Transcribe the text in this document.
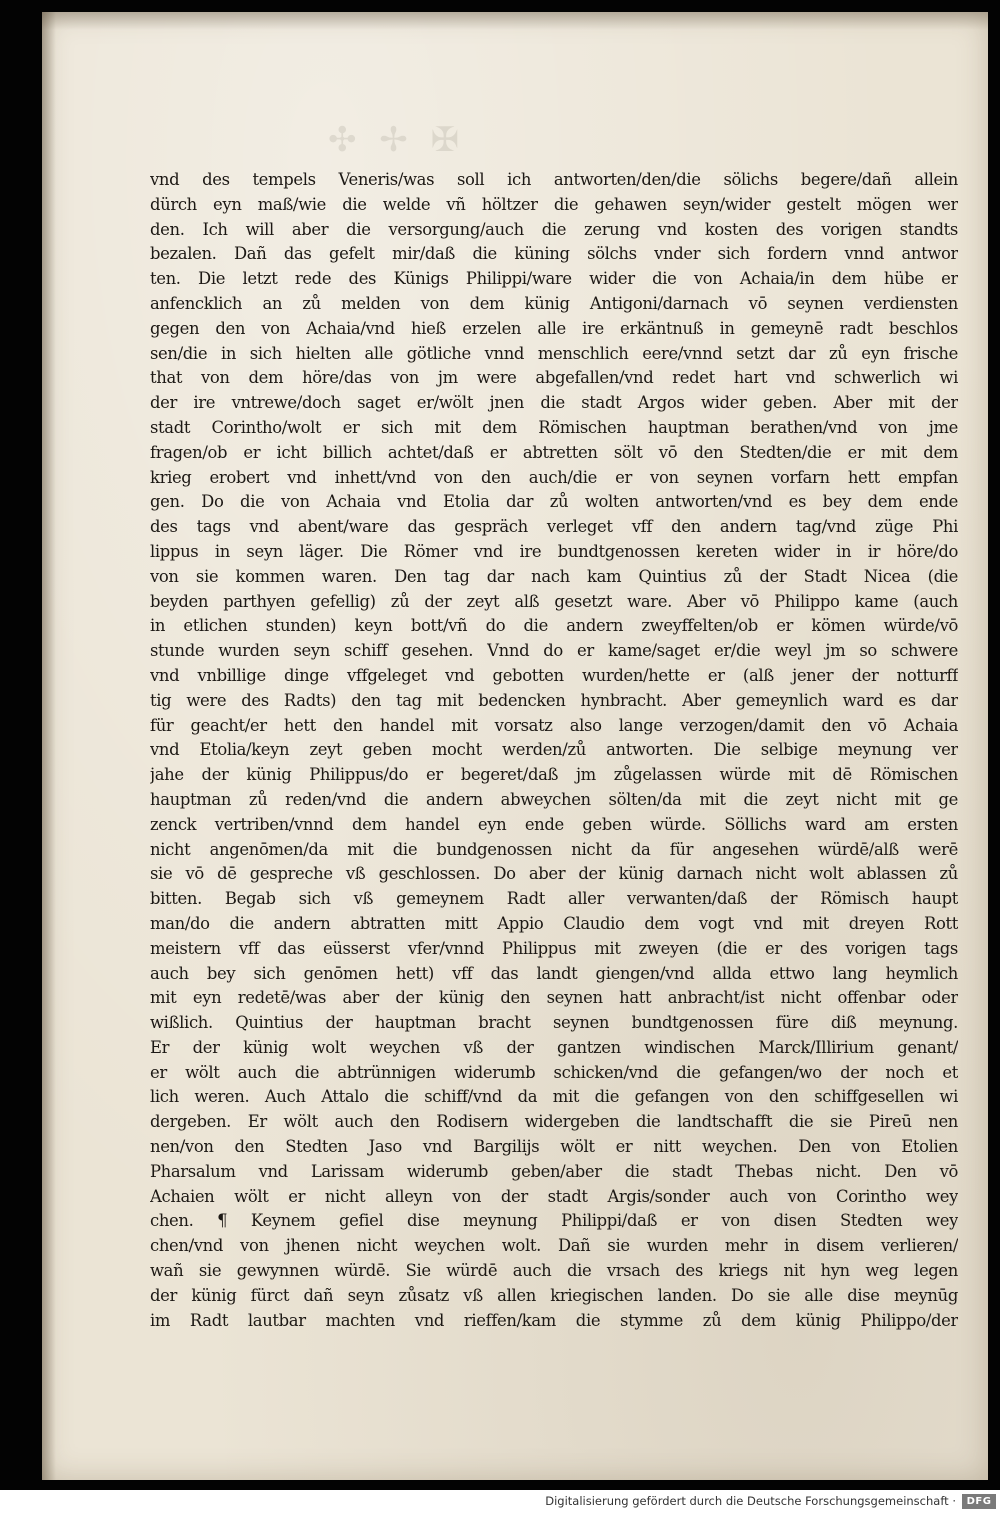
✠ ✢ ✣
vnd des tempels Veneris/was soll ich antworten/den/die sölichs begere/dañ allein
dürch eyn maß/wie die welde vñ höltzer die gehawen seyn/wider gestelt mögen wer
den. Ich will aber die versorgung/auch die zerung vnd kosten des vorigen standts
bezalen. Dañ das gefelt mir/daß die küning sölchs vnder sich fordern vnnd antwor
ten. Die letzt rede des Künigs Philippi/ware wider die von Achaia/in dem hübe er
anfencklich an zů melden von dem künig Antigoni/darnach vō seynen verdiensten
gegen den von Achaia/vnd hieß erzelen alle ire erkäntnuß in gemeynē radt beschlos
sen/die in sich hielten alle götliche vnnd menschlich eere/vnnd setzt dar zů eyn frische
that von dem höre/das von jm were abgefallen/vnd redet hart vnd schwerlich wi
der ire vntrewe/doch saget er/wölt jnen die stadt Argos wider geben. Aber mit der
stadt Corintho/wolt er sich mit dem Römischen hauptman berathen/vnd von jme
fragen/ob er icht billich achtet/daß er abtretten sölt vō den Stedten/die er mit dem
krieg erobert vnd inhett/vnd von den auch/die er von seynen vorfarn hett empfan
gen. Do die von Achaia vnd Etolia dar zů wolten antworten/vnd es bey dem ende
des tags vnd abent/ware das gespräch verleget vff den andern tag/vnd züge Phi
lippus in seyn läger. Die Römer vnd ire bundtgenossen kereten wider in ir höre/do
von sie kommen waren. Den tag dar nach kam Quintius zů der Stadt Nicea (die
beyden parthyen gefellig) zů der zeyt alß gesetzt ware. Aber vō Philippo kame (auch
in etlichen stunden) keyn bott/vñ do die andern zweyffelten/ob er kömen würde/vō
stunde wurden seyn schiff gesehen. Vnnd do er kame/saget er/die weyl jm so schwere
vnd vnbillige dinge vffgeleget vnd gebotten wurden/hette er (alß jener der notturff
tig were des Radts) den tag mit bedencken hynbracht. Aber gemeynlich ward es dar
für geacht/er hett den handel mit vorsatz also lange verzogen/damit den vō Achaia
vnd Etolia/keyn zeyt geben mocht werden/zů antworten. Die selbige meynung ver
jahe der künig Philippus/do er begeret/daß jm zůgelassen würde mit dē Römischen
hauptman zů reden/vnd die andern abweychen sölten/da mit die zeyt nicht mit ge
zenck vertriben/vnnd dem handel eyn ende geben würde. Söllichs ward am ersten
nicht angenōmen/da mit die bundgenossen nicht da für angesehen würdē/alß werē
sie vō dē gespreche vß geschlossen. Do aber der künig darnach nicht wolt ablassen zů
bitten. Begab sich vß gemeynem Radt aller verwanten/daß der Römisch haupt
man/do die andern abtratten mitt Appio Claudio dem vogt vnd mit dreyen Rott
meistern vff das eüsserst vfer/vnnd Philippus mit zweyen (die er des vorigen tags
auch bey sich genōmen hett) vff das landt giengen/vnd allda ettwo lang heymlich
mit eyn redetē/was aber der künig den seynen hatt anbracht/ist nicht offenbar oder
wißlich. Quintius der hauptman bracht seynen bundtgenossen füre diß meynung.
Er der künig wolt weychen vß der gantzen windischen Marck/Illirium genant/
er wölt auch die abtrünnigen widerumb schicken/vnd die gefangen/wo der noch et
lich weren. Auch Attalo die schiff/vnd da mit die gefangen von den schiffgesellen wi
dergeben. Er wölt auch den Rodisern widergeben die landtschafft die sie Pireū nen
nen/von den Stedten Jaso vnd Bargilijs wölt er nitt weychen. Den von Etolien
Pharsalum vnd Larissam widerumb geben/aber die stadt Thebas nicht. Den vō
Achaien wölt er nicht alleyn von der stadt Argis/sonder auch von Corintho wey
chen. ¶ Keynem gefiel dise meynung Philippi/daß er von disen Stedten wey
chen/vnd von jhenen nicht weychen wolt. Dañ sie wurden mehr in disem verlieren/
wañ sie gewynnen würdē. Sie würdē auch die vrsach des kriegs nit hyn weg legen
der künig fürct dañ seyn zůsatz vß allen kriegischen landen. Do sie alle dise meynūg
im Radt lautbar machten vnd rieffen/kam die stymme zů dem künig Philippo/der
Digitalisierung gefördert durch die Deutsche Forschungsgemeinschaft ·	DFG
